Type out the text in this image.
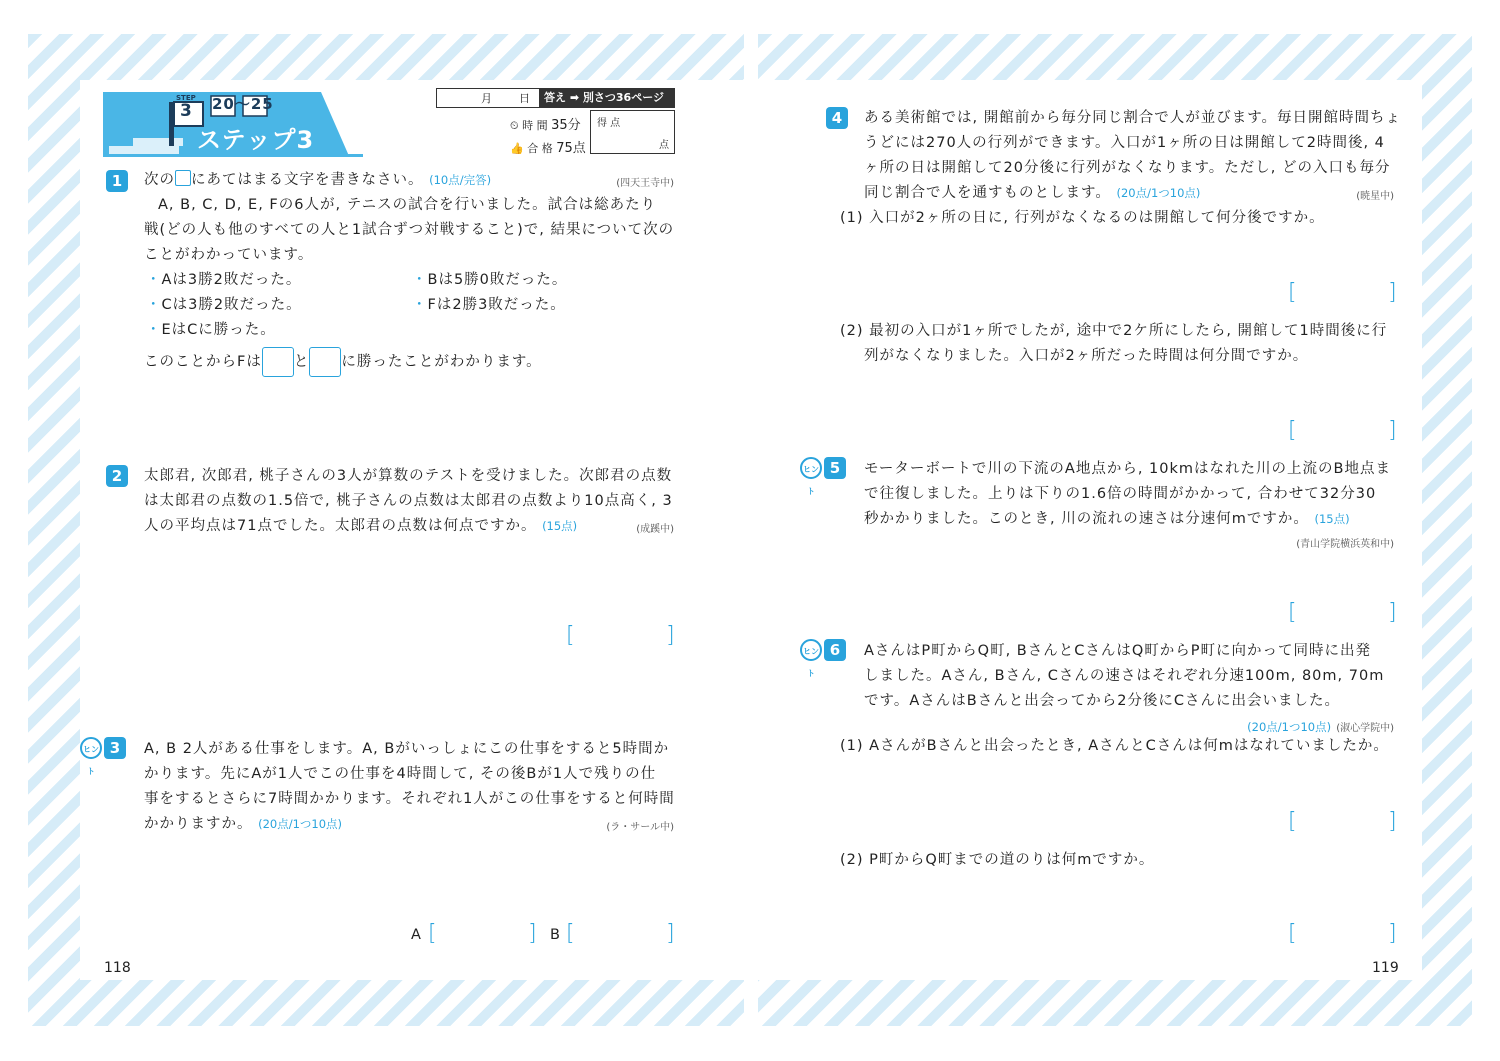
STEP
3 20～25
ステップ3
月 日	答え ➡ 別さつ36ページ
⏲ 時 間 35分
👍 合 格 75点
得 点
点
1	次の にあてはまる文字を書きなさい。 (10点/完答)	(四天王寺中)
A, B, C, D, E, Fの6人が, テニスの試合を行いました。試合は総あたり
戦(どの人も他のすべての人と1試合ずつ対戦すること)で, 結果について次の
ことがわかっています。
・Aは3勝2敗だった。	・Bは5勝0敗だった。
・Cは3勝2敗だった。	・Fは2勝3敗だった。
・EはCに勝った。
このことからFは と に勝ったことがわかります。
2	太郎君, 次郎君, 桃子さんの3人が算数のテストを受けました。次郎君の点数
は太郎君の点数の1.5倍で, 桃子さんの点数は太郎君の点数より10点高く, 3
人の平均点は71点でした。太郎君の点数は何点ですか。 (15点)	(成蹊中)
[	]
ヒント3	A, B 2人がある仕事をします。A, Bがいっしょにこの仕事をすると5時間か
かります。先にAが1人でこの仕事を4時間して, その後Bが1人で残りの仕
事をするとさらに7時間かかります。それぞれ1人がこの仕事をすると何時間
かかりますか。 (20点/1つ10点)	(ラ・サール中)
A [	] B [	]
118
4	ある美術館では, 開館前から毎分同じ割合で人が並びます。毎日開館時間ちょ
うどには270人の行列ができます。入口が1ヶ所の日は開館して2時間後, 4
ヶ所の日は開館して20分後に行列がなくなります。ただし, どの入口も毎分
同じ割合で人を通すものとします。 (20点/1つ10点)	(暁星中)
(1) 入口が2ヶ所の日に, 行列がなくなるのは開館して何分後ですか。
[	]
(2) 最初の入口が1ヶ所でしたが, 途中で2ケ所にしたら, 開館して1時間後に行
列がなくなりました。入口が2ヶ所だった時間は何分間ですか。
[	]
ヒント5	モーターボートで川の下流のA地点から, 10kmはなれた川の上流のB地点ま
で往復しました。上りは下りの1.6倍の時間がかかって, 合わせて32分30
秒かかりました。このとき, 川の流れの速さは分速何mですか。 (15点)
(青山学院横浜英和中)
[	]
ヒント6	AさんはP町からQ町, BさんとCさんはQ町からP町に向かって同時に出発
しました。Aさん, Bさん, Cさんの速さはそれぞれ分速100m, 80m, 70m
です。AさんはBさんと出会ってから2分後にCさんに出会いました。
(20点/1つ10点) (淑心学院中)
(1) AさんがBさんと出会ったとき, AさんとCさんは何mはなれていましたか。
[	]
(2) P町からQ町までの道のりは何mですか。
[	]
119
